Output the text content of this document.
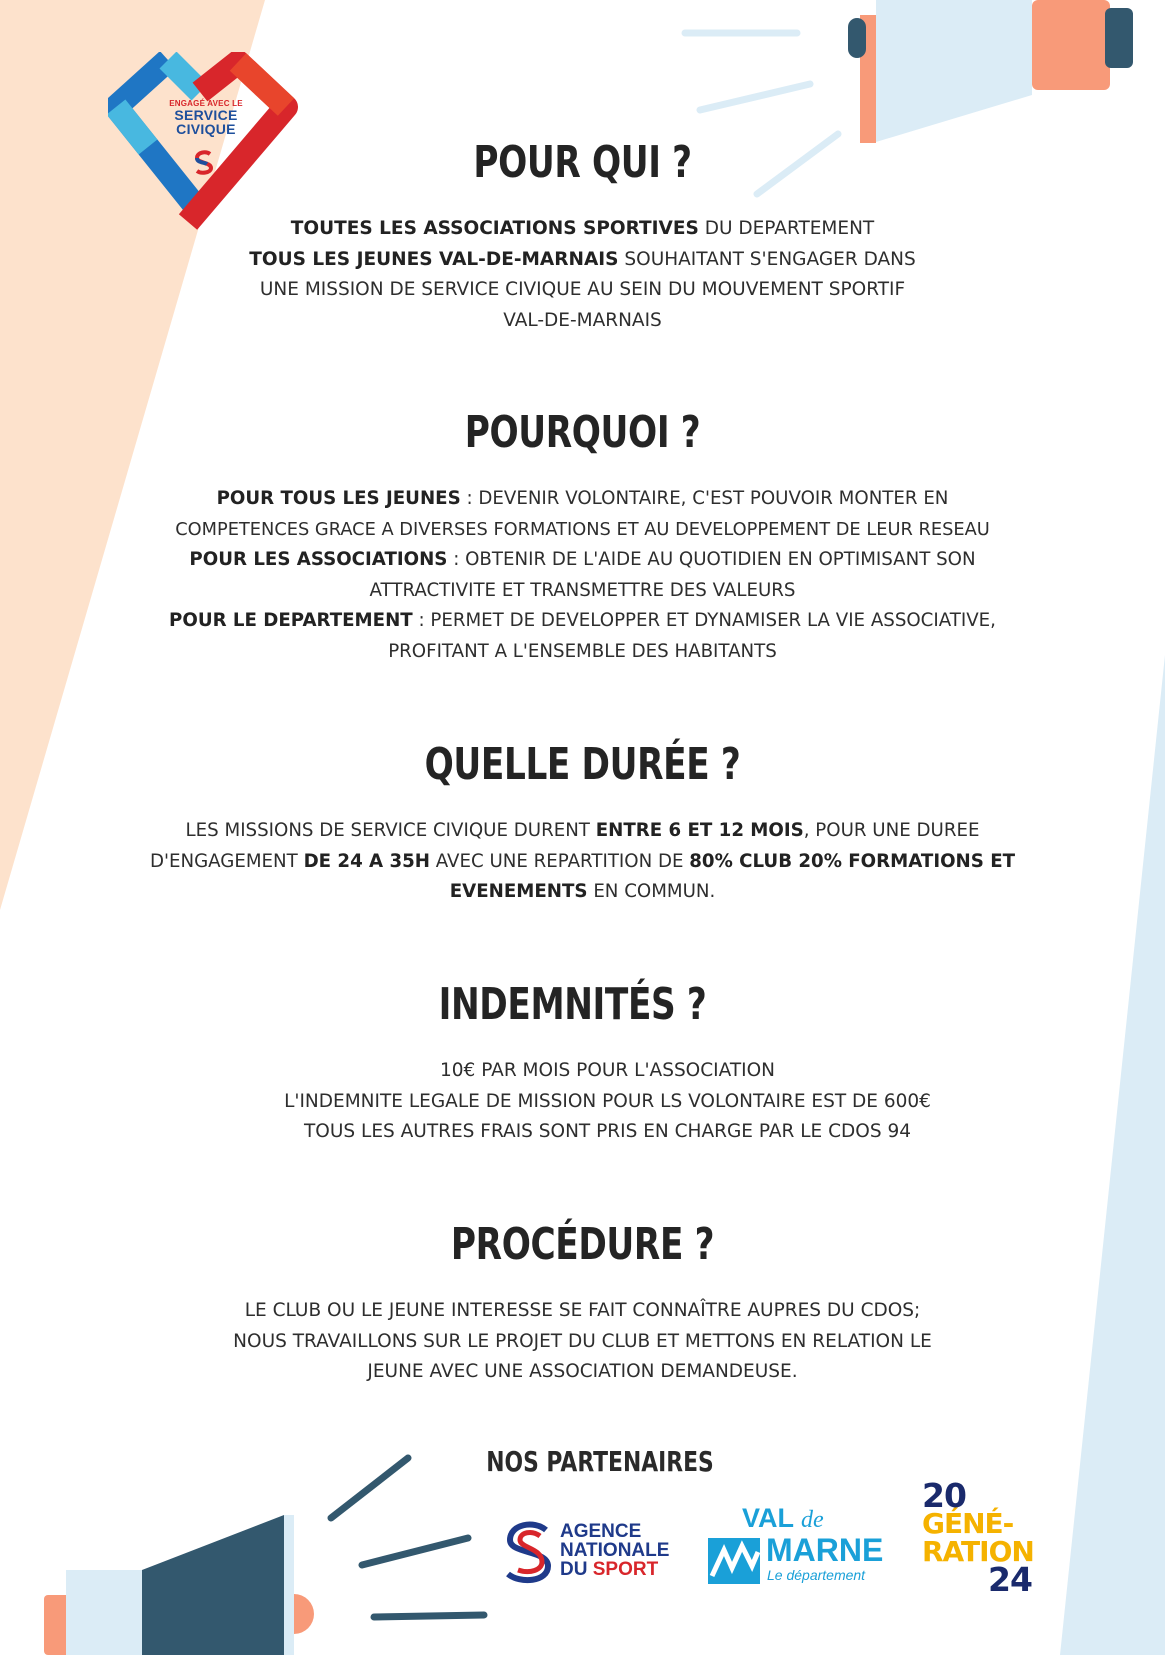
ENGAGÉ AVEC LE
SERVICE
CIVIQUE
POUR QUI ?
TOUTES LES ASSOCIATIONS SPORTIVES DU DEPARTEMENT
TOUS LES JEUNES VAL-DE-MARNAIS SOUHAITANT S'ENGAGER DANS
UNE MISSION DE SERVICE CIVIQUE AU SEIN DU MOUVEMENT SPORTIF
VAL-DE-MARNAIS
POURQUOI ?
POUR TOUS LES JEUNES : DEVENIR VOLONTAIRE, C'EST POUVOIR MONTER EN
COMPETENCES GRACE A DIVERSES FORMATIONS ET AU DEVELOPPEMENT DE LEUR RESEAU
POUR LES ASSOCIATIONS : OBTENIR DE L'AIDE AU QUOTIDIEN EN OPTIMISANT SON
ATTRACTIVITE ET TRANSMETTRE DES VALEURS
POUR LE DEPARTEMENT : PERMET DE DEVELOPPER ET DYNAMISER LA VIE ASSOCIATIVE,
PROFITANT A L'ENSEMBLE DES HABITANTS
QUELLE DURÉE ?
LES MISSIONS DE SERVICE CIVIQUE DURENT ENTRE 6 ET 12 MOIS, POUR UNE DUREE
D'ENGAGEMENT DE 24 A 35H AVEC UNE REPARTITION DE 80% CLUB 20% FORMATIONS ET
EVENEMENTS EN COMMUN.
INDEMNITÉS ?
10€ PAR MOIS POUR L'ASSOCIATION
L'INDEMNITE LEGALE DE MISSION POUR LS VOLONTAIRE EST DE 600€
TOUS LES AUTRES FRAIS SONT PRIS EN CHARGE PAR LE CDOS 94
PROCÉDURE ?
LE CLUB OU LE JEUNE INTERESSE SE FAIT CONNAÎTRE AUPRES DU CDOS;
NOUS TRAVAILLONS SUR LE PROJET DU CLUB ET METTONS EN RELATION LE
JEUNE AVEC UNE ASSOCIATION DEMANDEUSE.
NOS PARTENAIRES
AGENCE
NATIONALE
DU SPORT
VAL de
MARNE
Le département
20
GÉNÉ-
RATION
24
